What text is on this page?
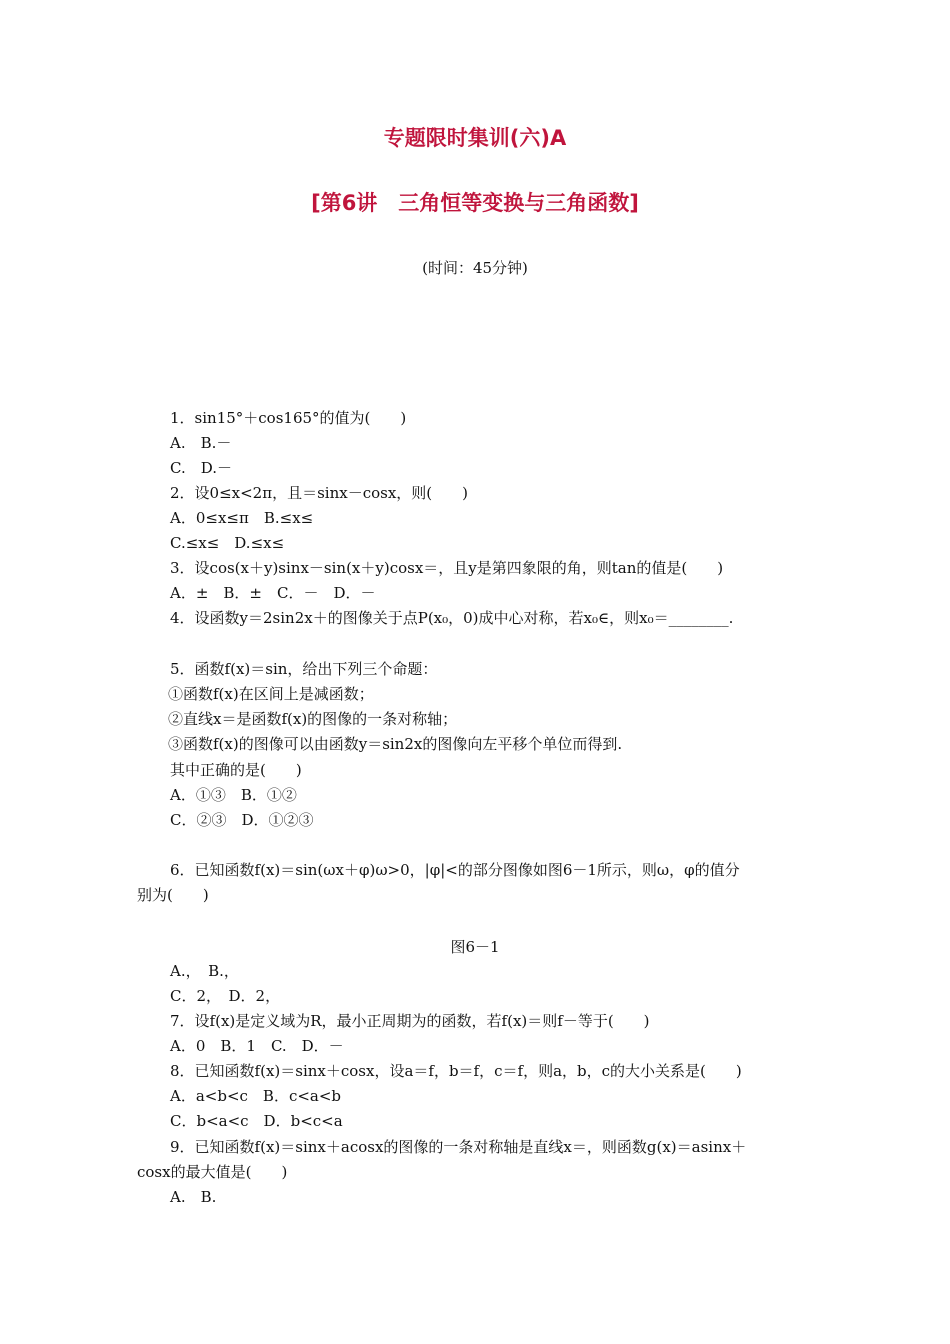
专题限时集训(六)A
[第6讲　三角恒等变换与三角函数]
(时间：45分钟)
1．sin15°＋cos165°的值为(　　)
A.　B.－
C.　D.－
2．设0≤x<2π，且＝sinx－cosx，则(　　)
A．0≤x≤π　B.≤x≤
C.≤x≤　D.≤x≤
3．设cos(x＋y)sinx－sin(x＋y)cosx＝，且y是第四象限的角，则tan的值是(　　)
A．±　B．±　C．－　D．－
4．设函数y＝2sin2x＋的图像关于点P(x₀，0)成中心对称，若x₀∈，则x₀＝________.
5．函数f(x)＝sin，给出下列三个命题：
①函数f(x)在区间上是减函数；
②直线x＝是函数f(x)的图像的一条对称轴；
③函数f(x)的图像可以由函数y＝sin2x的图像向左平移个单位而得到.
其中正确的是(　　)
A．①③　B．①②
C．②③　D．①②③
6．已知函数f(x)＝sin(ωx＋φ)ω>0，|φ|<的部分图像如图6－1所示，则ω，φ的值分
别为(　　)
图6－1
A.，　B.，
C．2，　D．2，
7．设f(x)是定义域为R，最小正周期为的函数，若f(x)＝则f－等于(　　)
A．0　B．1　C.　D．－
8．已知函数f(x)＝sinx＋cosx，设a＝f，b＝f，c＝f，则a，b，c的大小关系是(　　)
A．a<b<c　B．c<a<b
C．b<a<c　D．b<c<a
9．已知函数f(x)＝sinx＋acosx的图像的一条对称轴是直线x＝，则函数g(x)＝asinx＋
cosx的最大值是(　　)
A.　B.
